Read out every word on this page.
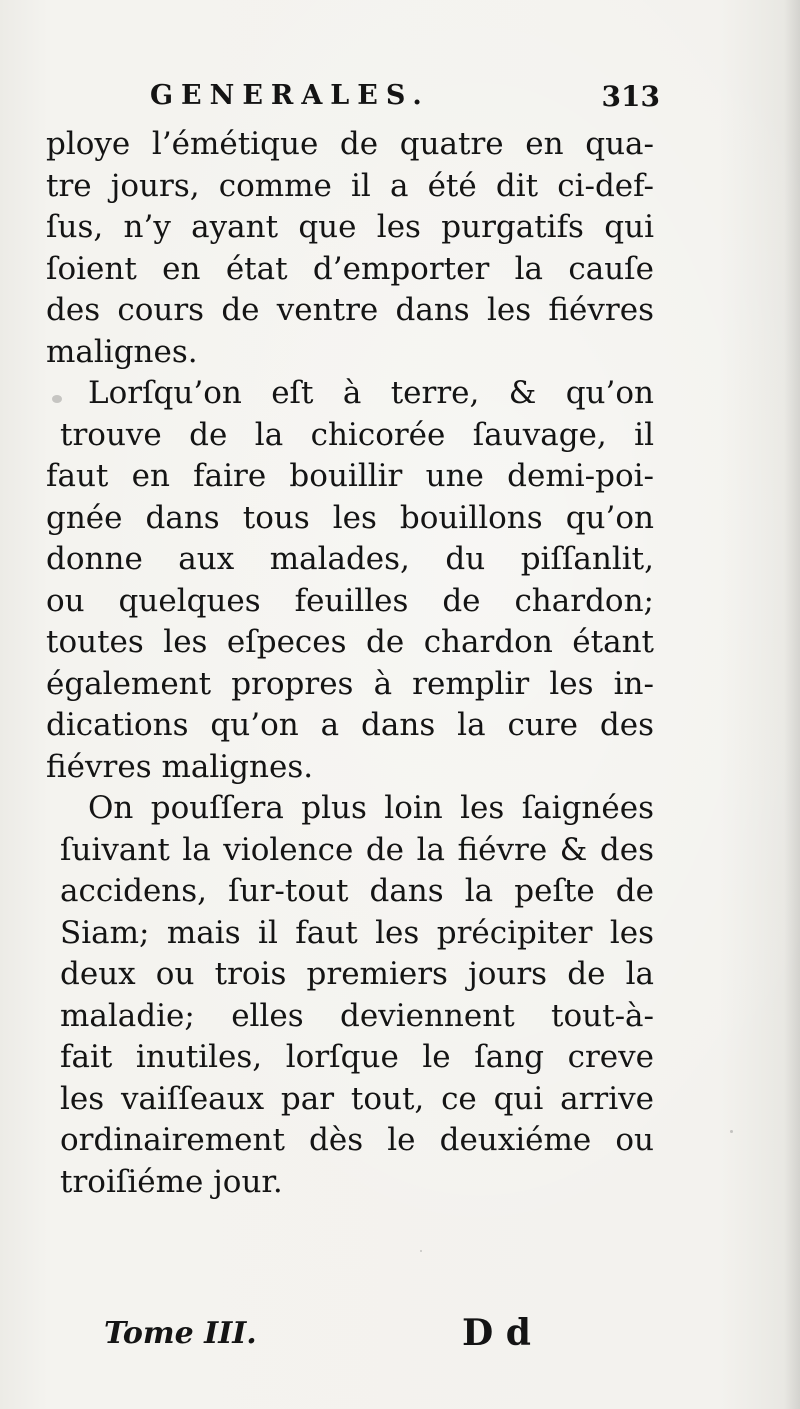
GENERALES.	313
ploye l’émétique de quatre en qua-
tre jours, comme il a été dit ci-def-
ſus, n’y ayant que les purgatifs qui
ſoient en état d’emporter la cauſe
des cours de ventre dans les fiévres
malignes.
Lorſqu’on eſt à terre, & qu’on
trouve de la chicorée ſauvage, il
faut en faire bouillir une demi-poi-
gnée dans tous les bouillons qu’on
donne aux malades, du piſſanlit,
ou quelques feuilles de chardon;
toutes les eſpeces de chardon étant
également propres à remplir les in-
dications qu’on a dans la cure des
fiévres malignes.
On pouſſera plus loin les ſaignées
ſuivant la violence de la fiévre & des
accidens, ſur-tout dans la peſte de
Siam; mais il faut les précipiter les
deux ou trois premiers jours de la
maladie; elles deviennent tout-à-
fait inutiles, lorſque le ſang creve
les vaiſſeaux par tout, ce qui arrive
ordinairement dès le deuxiéme ou
troiſiéme jour.
Tome III.	D d
